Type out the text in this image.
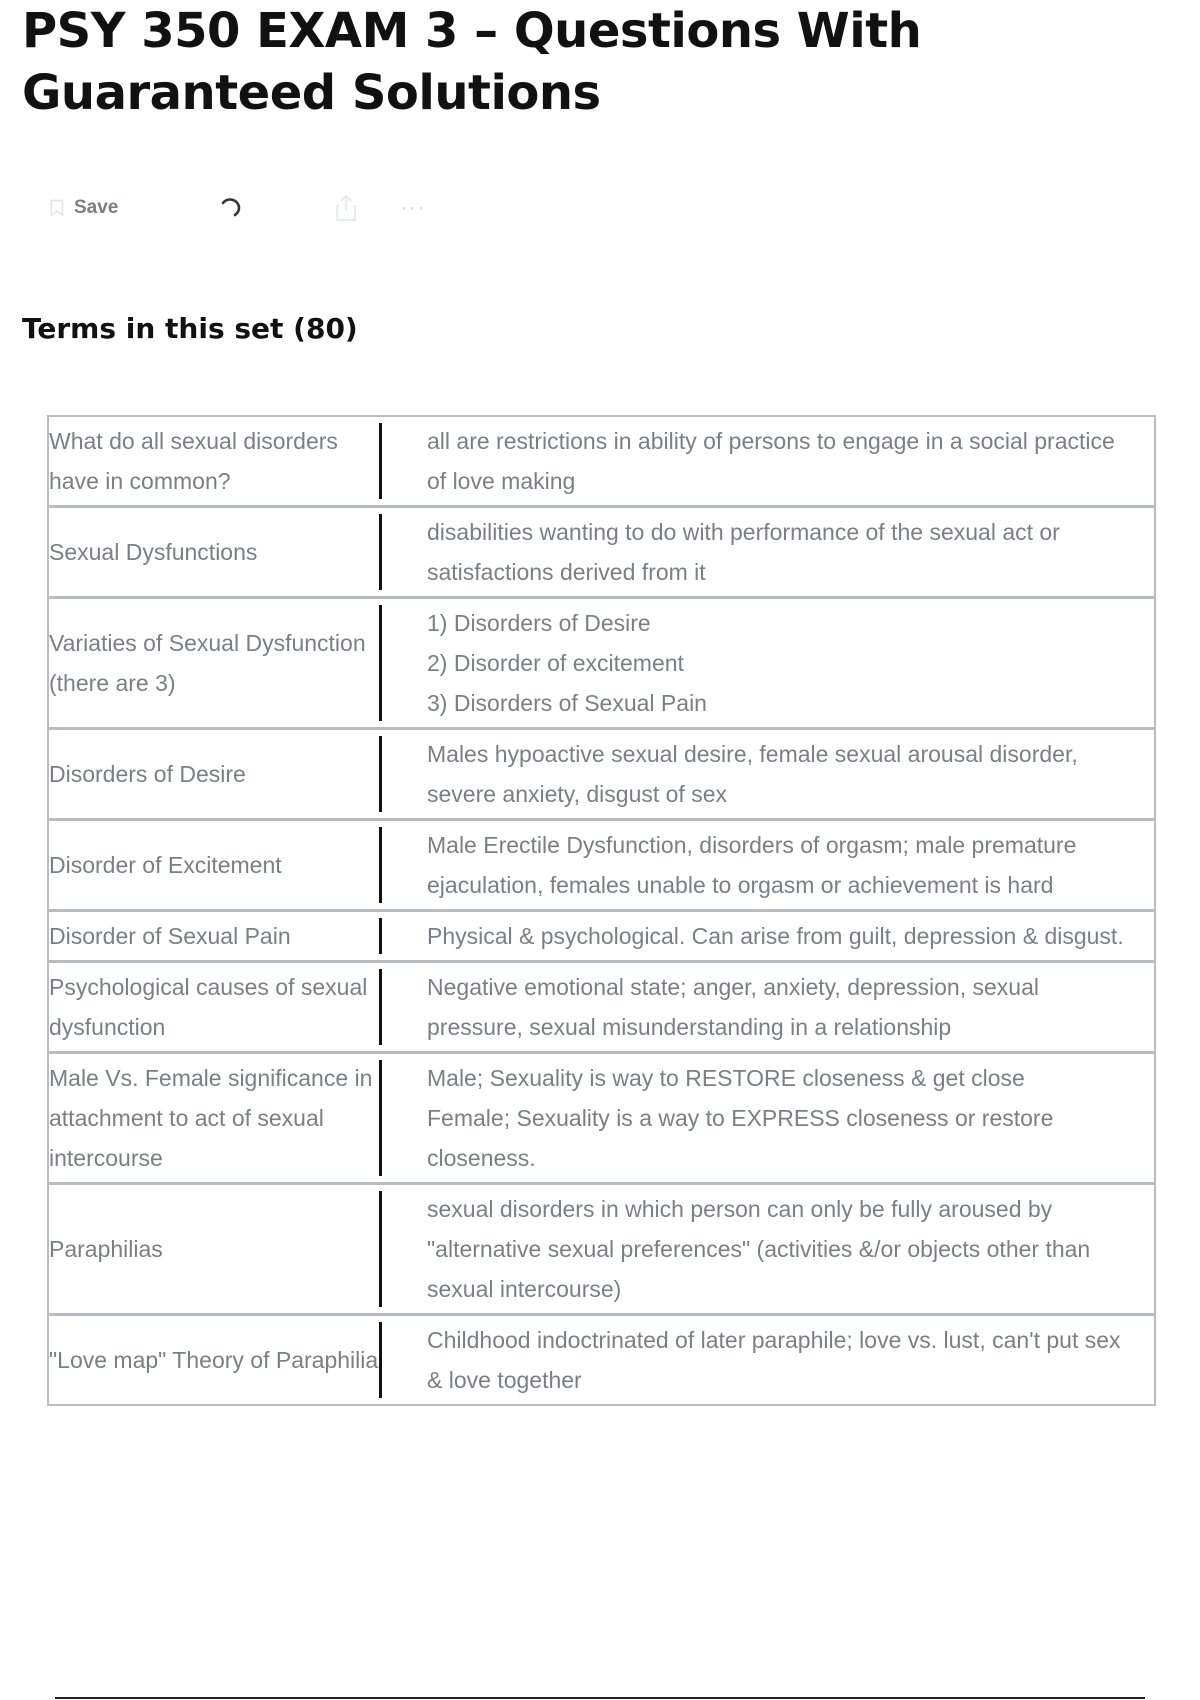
PSY 350 EXAM 3 – Questions With Guaranteed Solutions
Save	···
Terms in this set (80)
What do all sexual disorders have in common?	all are restrictions in ability of persons to engage in a social practice of love making

Sexual Dysfunctions	disabilities wanting to do with performance of the sexual act or satisfactions derived from it

Variaties of Sexual Dysfunction (there are 3)	1) Disorders of Desire
2) Disorder of excitement
3) Disorders of Sexual Pain

Disorders of Desire	Males hypoactive sexual desire, female sexual arousal disorder, severe anxiety, disgust of sex

Disorder of Excitement	Male Erectile Dysfunction, disorders of orgasm; male premature ejaculation, females unable to orgasm or achievement is hard

Disorder of Sexual Pain	Physical & psychological. Can arise from guilt, depression & disgust.

Psychological causes of sexual dysfunction	Negative emotional state; anger, anxiety, depression, sexual pressure, sexual misunderstanding in a relationship

Male Vs. Female significance in attachment to act of sexual intercourse	Male; Sexuality is way to RESTORE closeness & get close
Female; Sexuality is a way to EXPRESS closeness or restore closeness.

Paraphilias	sexual disorders in which person can only be fully aroused by "alternative sexual preferences" (activities &/or objects other than sexual intercourse)

"Love map" Theory of Paraphilia	Childhood indoctrinated of later paraphile; love vs. lust, can't put sex & love together
